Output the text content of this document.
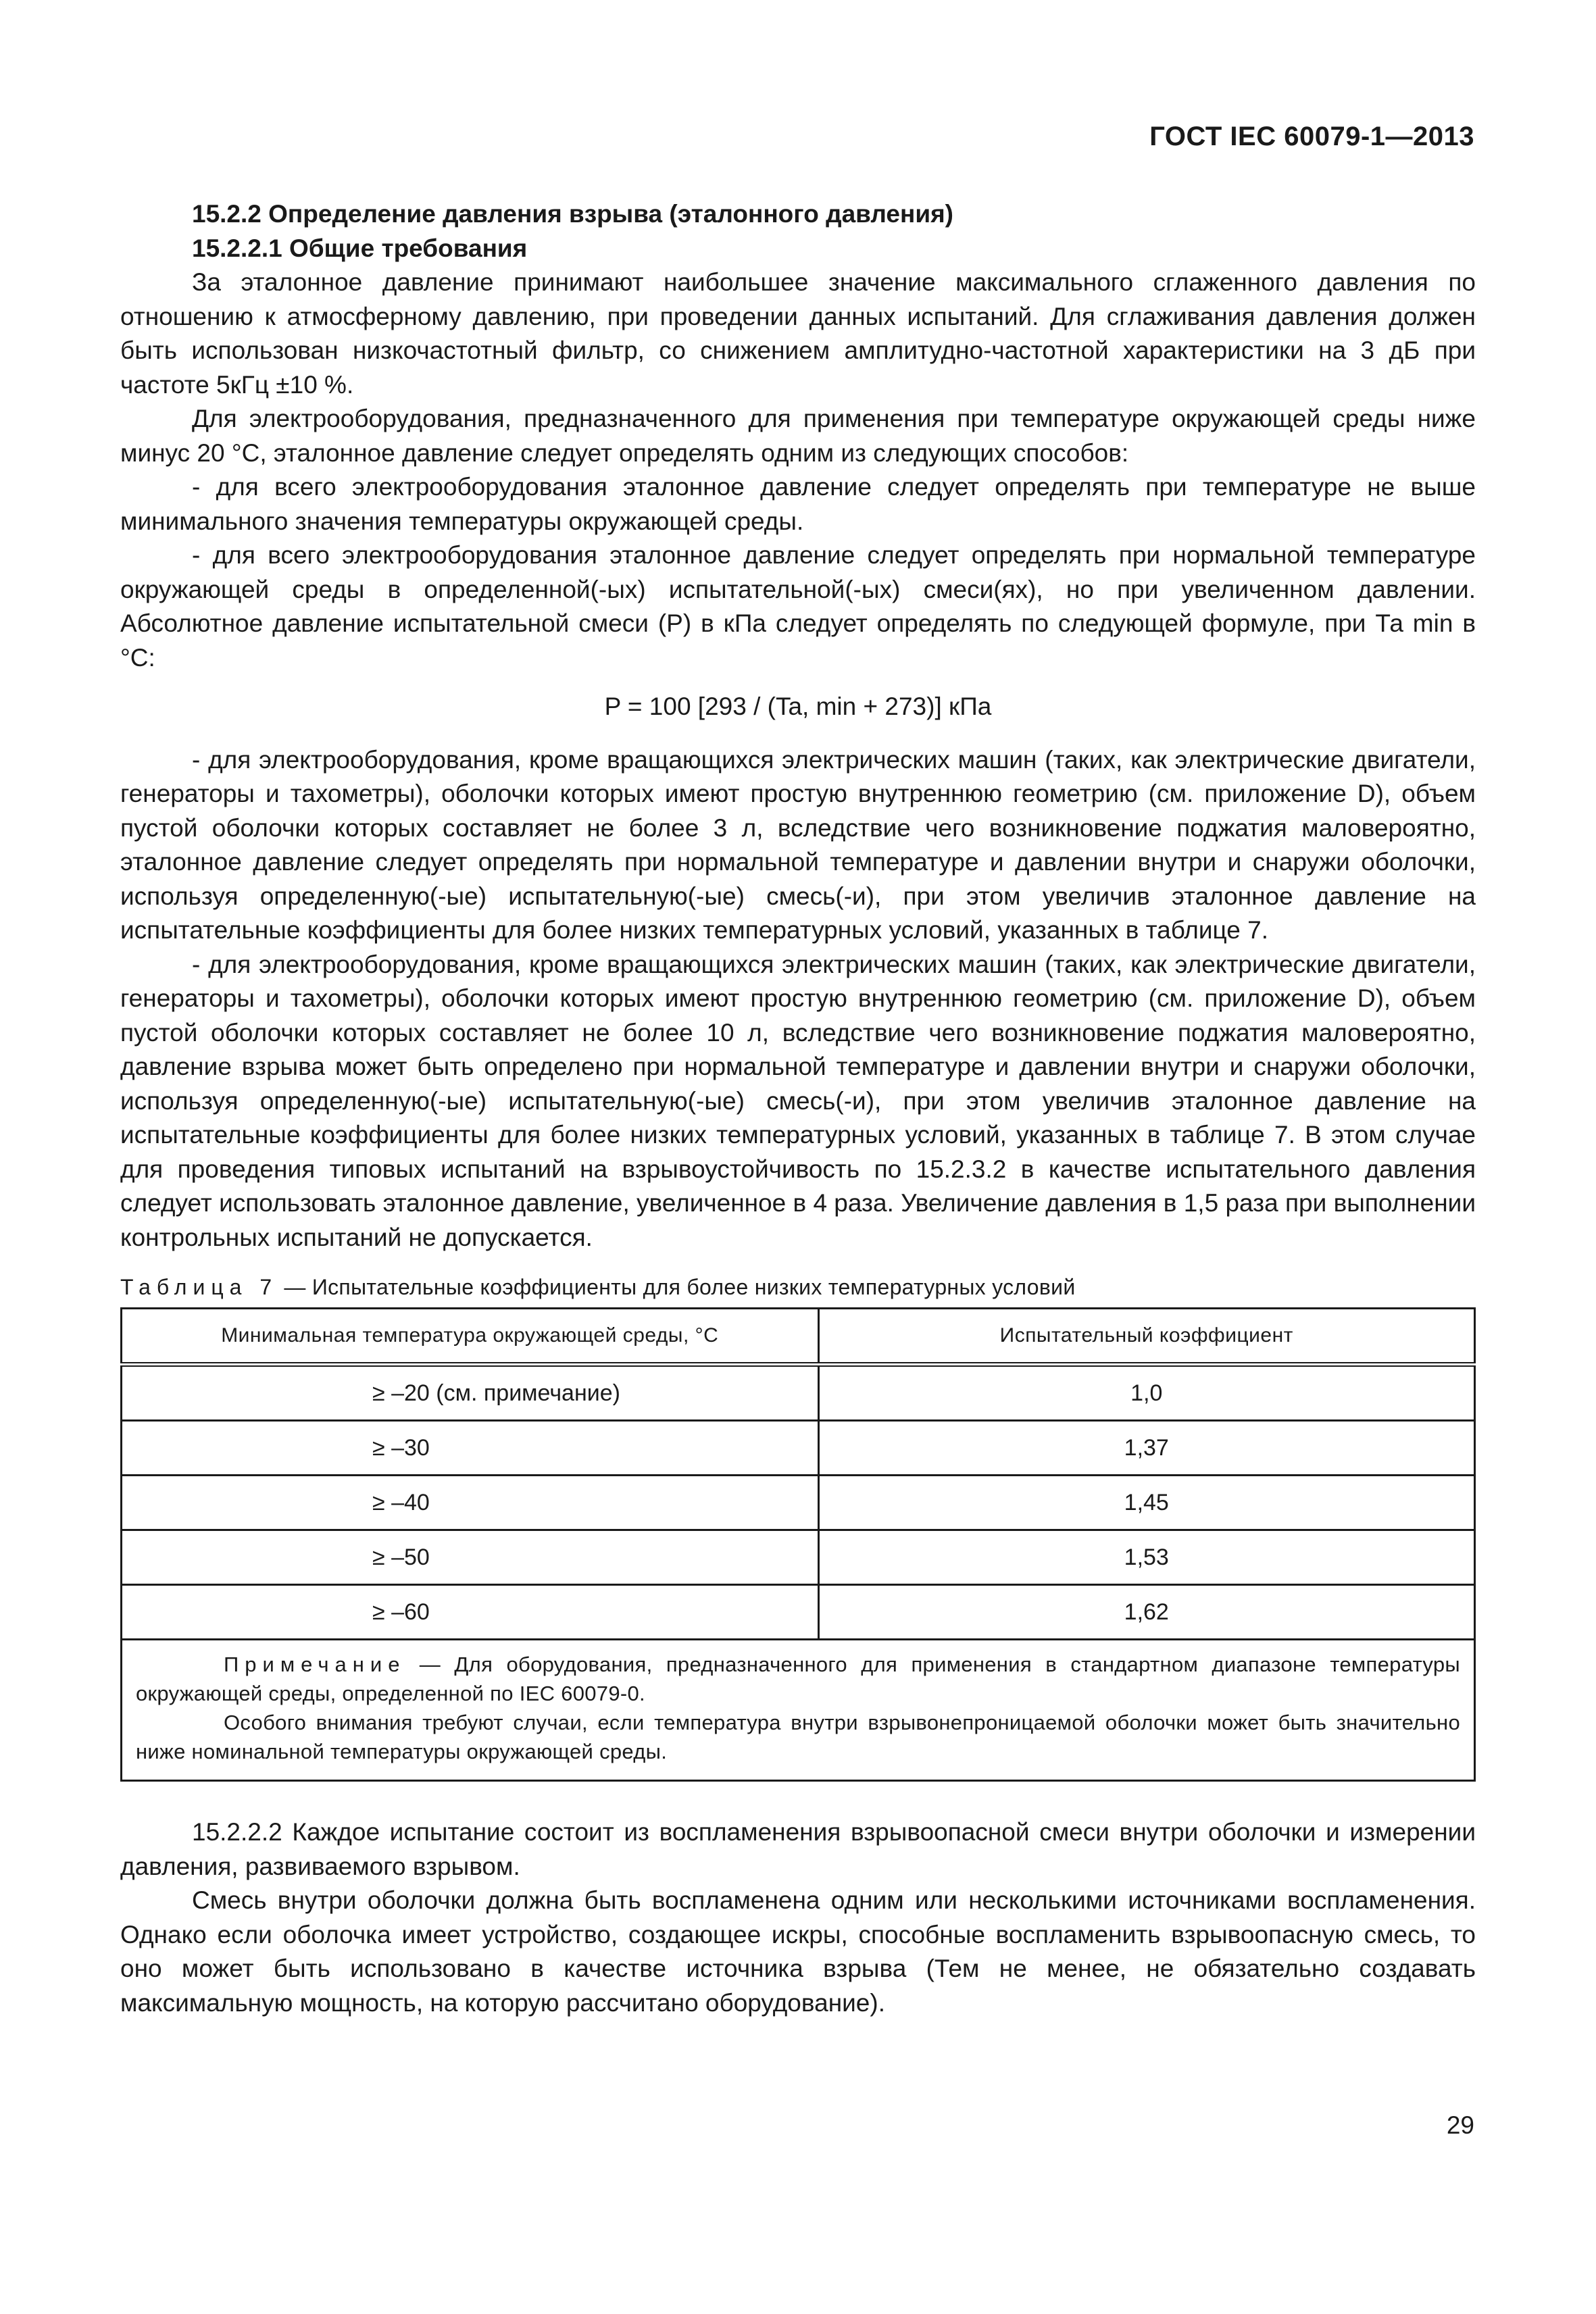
ГОСТ IEC 60079-1—2013

15.2.2 Определение давления взрыва (эталонного давления)

15.2.2.1 Общие требования

За эталонное давление принимают наибольшее значение максимального сглаженного давления по отношению к атмосферному давлению, при проведении данных испытаний. Для сглаживания давления должен быть использован низкочастотный фильтр, со снижением амплитудно-частотной характеристики на 3 дБ при частоте 5кГц ±10 %.

Для электрооборудования, предназначенного для применения при температуре окружающей среды ниже минус 20 °С, эталонное давление следует определять одним из следующих способов:

- для всего электрооборудования эталонное давление следует определять при температуре не выше минимального значения температуры окружающей среды.

- для всего электрооборудования эталонное давление следует определять при нормальной температуре окружающей среды в определенной(-ых) испытательной(-ых) смеси(ях), но при увеличенном давлении. Абсолютное давление испытательной смеси (Р) в кПа следует определять по следующей формуле, при Та min в °С:

P = 100 [293 / (Ta, min + 273)] кПа

- для электрооборудования, кроме вращающихся электрических машин (таких, как электрические двигатели, генераторы и тахометры), оболочки которых имеют простую внутреннюю геометрию (см. приложение D), объем пустой оболочки которых составляет не более 3 л, вследствие чего возникновение поджатия маловероятно, эталонное давление следует определять при нормальной температуре и давлении внутри и снаружи оболочки, используя определенную(-ые) испытательную(-ые) смесь(-и), при этом увеличив эталонное давление на испытательные коэффициенты для более низких температурных условий, указанных в таблице 7.

- для электрооборудования, кроме вращающихся электрических машин (таких, как электрические двигатели, генераторы и тахометры), оболочки которых имеют простую внутреннюю геометрию (см. приложение D), объем пустой оболочки которых составляет не более 10 л, вследствие чего возникновение поджатия маловероятно, давление взрыва может быть определено при нормальной температуре и давлении внутри и снаружи оболочки, используя определенную(-ые) испытательную(-ые) смесь(-и), при этом увеличив эталонное давление на испытательные коэффициенты для более низких температурных условий, указанных в таблице 7. В этом случае для проведения типовых испытаний на взрывоустойчивость по 15.2.3.2 в качестве испытательного давления следует использовать эталонное давление, увеличенное в 4 раза. Увеличение давления в 1,5 раза при выполнении контрольных испытаний не допускается.

Таблица 7 — Испытательные коэффициенты для более низких температурных условий
Минимальная температура окружающей среды, °С	Испытательный коэффициент
≥ –20 (см. примечание)	1,0
≥ –30	1,37
≥ –40	1,45
≥ –50	1,53
≥ –60	1,62

Примечание — Для оборудования, предназначенного для применения в стандартном диапазоне температуры окружающей среды, определенной по IEC 60079-0.
Особого внимания требуют случаи, если температура внутри взрывонепроницаемой оболочки может быть значительно ниже номинальной температуры окружающей среды.	

15.2.2.2 Каждое испытание состоит из воспламенения взрывоопасной смеси внутри оболочки и измерении давления, развиваемого взрывом.

Смесь внутри оболочки должна быть воспламенена одним или несколькими источниками воспламенения. Однако если оболочка имеет устройство, создающее искры, способные воспламенить взрывоопасную смесь, то оно может быть использовано в качестве источника взрыва (Тем не менее, не обязательно создавать максимальную мощность, на которую рассчитано оборудование).

29
